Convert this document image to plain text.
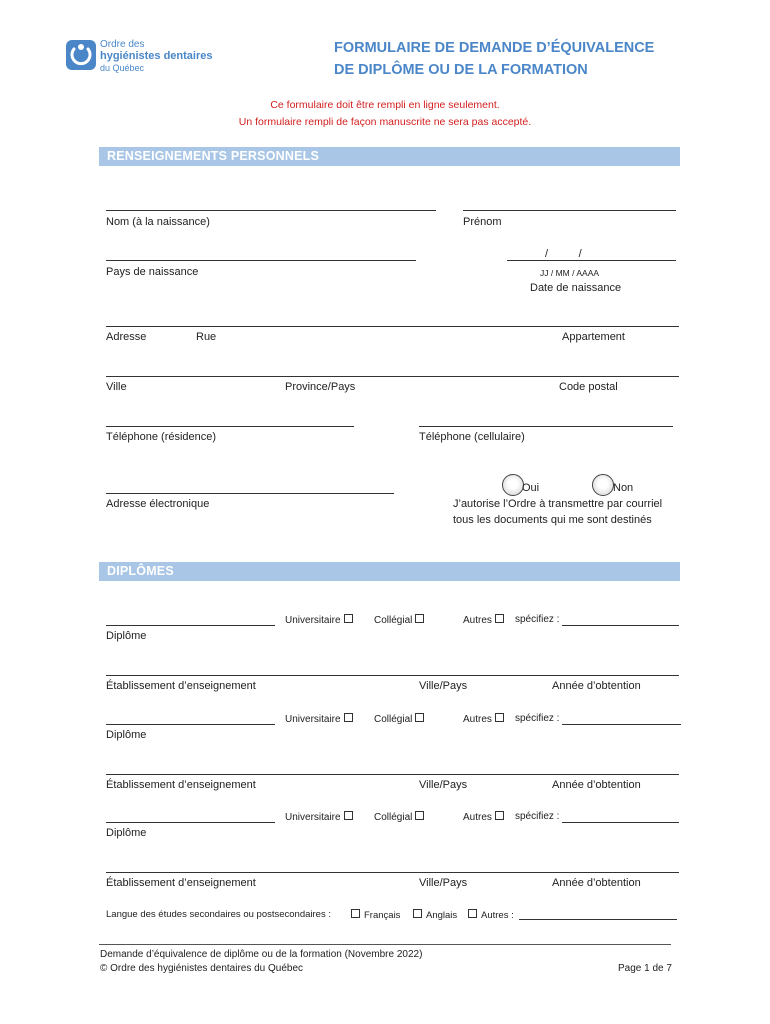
Ordre des
hygiénistes dentaires
du Québec
FORMULAIRE DE DEMANDE D’ÉQUIVALENCE
DE DIPLÔME OU DE LA FORMATION
Ce formulaire doit être rempli en ligne seulement.
Un formulaire rempli de façon manuscrite ne sera pas accepté.
RENSEIGNEMENTS PERSONNELS
Nom (à la naissance)	Prénom
Pays de naissance
/          /
JJ / MM / AAAA
Date de naissance
Adresse	Rue	Appartement
Ville	Province/Pays	Code postal
Téléphone (résidence)	Téléphone (cellulaire)
Adresse électronique
Oui	Non
J’autorise l’Ordre à transmettre par courriel
tous les documents qui me sont destinés
DIPLÔMES
Universitaire	Collégial	Autres	spécifiez :
Diplôme
Établissement d’enseignement	Ville/Pays	Année d’obtention
Universitaire	Collégial	Autres	spécifiez :
Diplôme
Établissement d’enseignement	Ville/Pays	Année d’obtention
Universitaire	Collégial	Autres	spécifiez :
Diplôme
Établissement d’enseignement	Ville/Pays	Année d’obtention
Langue des études secondaires ou postsecondaires :	Français	Anglais	Autres :
Demande d’équivalence de diplôme ou de la formation (Novembre 2022)
© Ordre des hygiénistes dentaires du Québec	Page 1 de 7
